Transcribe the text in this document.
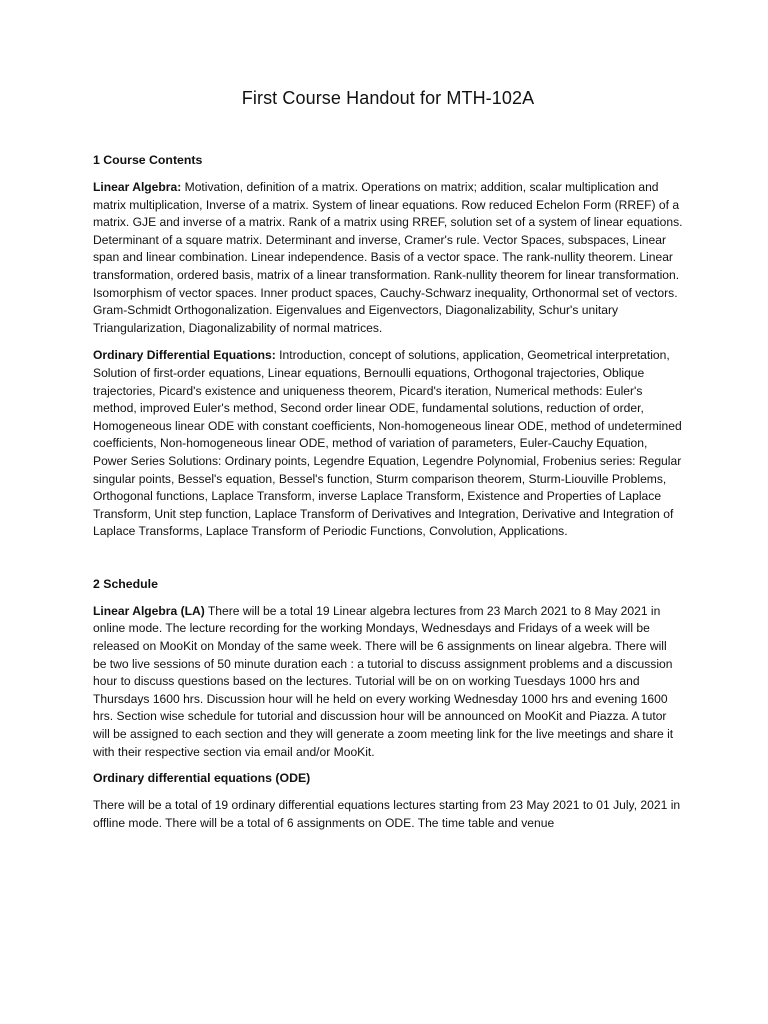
First Course Handout for MTH-102A
1 Course Contents

Linear Algebra: Motivation, definition of a matrix. Operations on matrix; addition, scalar multiplication and matrix multiplication, Inverse of a matrix. System of linear equations. Row reduced Echelon Form (RREF) of a matrix. GJE and inverse of a matrix. Rank of a matrix using RREF, solution set of a system of linear equations. Determinant of a square matrix. Determinant and inverse, Cramer's rule. Vector Spaces, subspaces, Linear span and linear combination. Linear independence. Basis of a vector space. The rank-nullity theorem. Linear transformation, ordered basis, matrix of a linear transformation. Rank-nullity theorem for linear transformation. Isomorphism of vector spaces. Inner product spaces, Cauchy-Schwarz inequality, Orthonormal set of vectors. Gram-Schmidt Orthogonalization. Eigenvalues and Eigenvectors, Diagonalizability, Schur's unitary Triangularization, Diagonalizability of normal matrices.

Ordinary Differential Equations: Introduction, concept of solutions, application, Geometrical interpretation, Solution of first-order equations, Linear equations, Bernoulli equations, Orthogonal trajectories, Oblique trajectories, Picard's existence and uniqueness theorem, Picard's iteration, Numerical methods: Euler's method, improved Euler's method, Second order linear ODE, fundamental solutions, reduction of order, Homogeneous linear ODE with constant coefficients, Non-homogeneous linear ODE, method of undetermined coefficients, Non-homogeneous linear ODE, method of variation of parameters, Euler-Cauchy Equation, Power Series Solutions: Ordinary points, Legendre Equation, Legendre Polynomial, Frobenius series: Regular singular points, Bessel's equation, Bessel's function, Sturm comparison theorem, Sturm-Liouville Problems, Orthogonal functions, Laplace Transform, inverse Laplace Transform, Existence and Properties of Laplace Transform, Unit step function, Laplace Transform of Derivatives and Integration, Derivative and Integration of Laplace Transforms, Laplace Transform of Periodic Functions, Convolution, Applications.

2 Schedule

Linear Algebra (LA) There will be a total 19 Linear algebra lectures from 23 March 2021 to 8 May 2021 in online mode. The lecture recording for the working Mondays, Wednesdays and Fridays of a week will be released on MooKit on Monday of the same week. There will be 6 assignments on linear algebra. There will be two live sessions of 50 minute duration each : a tutorial to discuss assignment problems and a discussion hour to discuss questions based on the lectures. Tutorial will be on on working Tuesdays 1000 hrs and Thursdays 1600 hrs. Discussion hour will he held on every working Wednesday 1000 hrs and evening 1600 hrs. Section wise schedule for tutorial and discussion hour will be announced on MooKit and Piazza. A tutor will be assigned to each section and they will generate a zoom meeting link for the live meetings and share it with their respective section via email and/or MooKit.

Ordinary differential equations (ODE)

There will be a total of 19 ordinary differential equations lectures starting from 23 May 2021 to 01 July, 2021 in offline mode. There will be a total of 6 assignments on ODE. The time table and venue
